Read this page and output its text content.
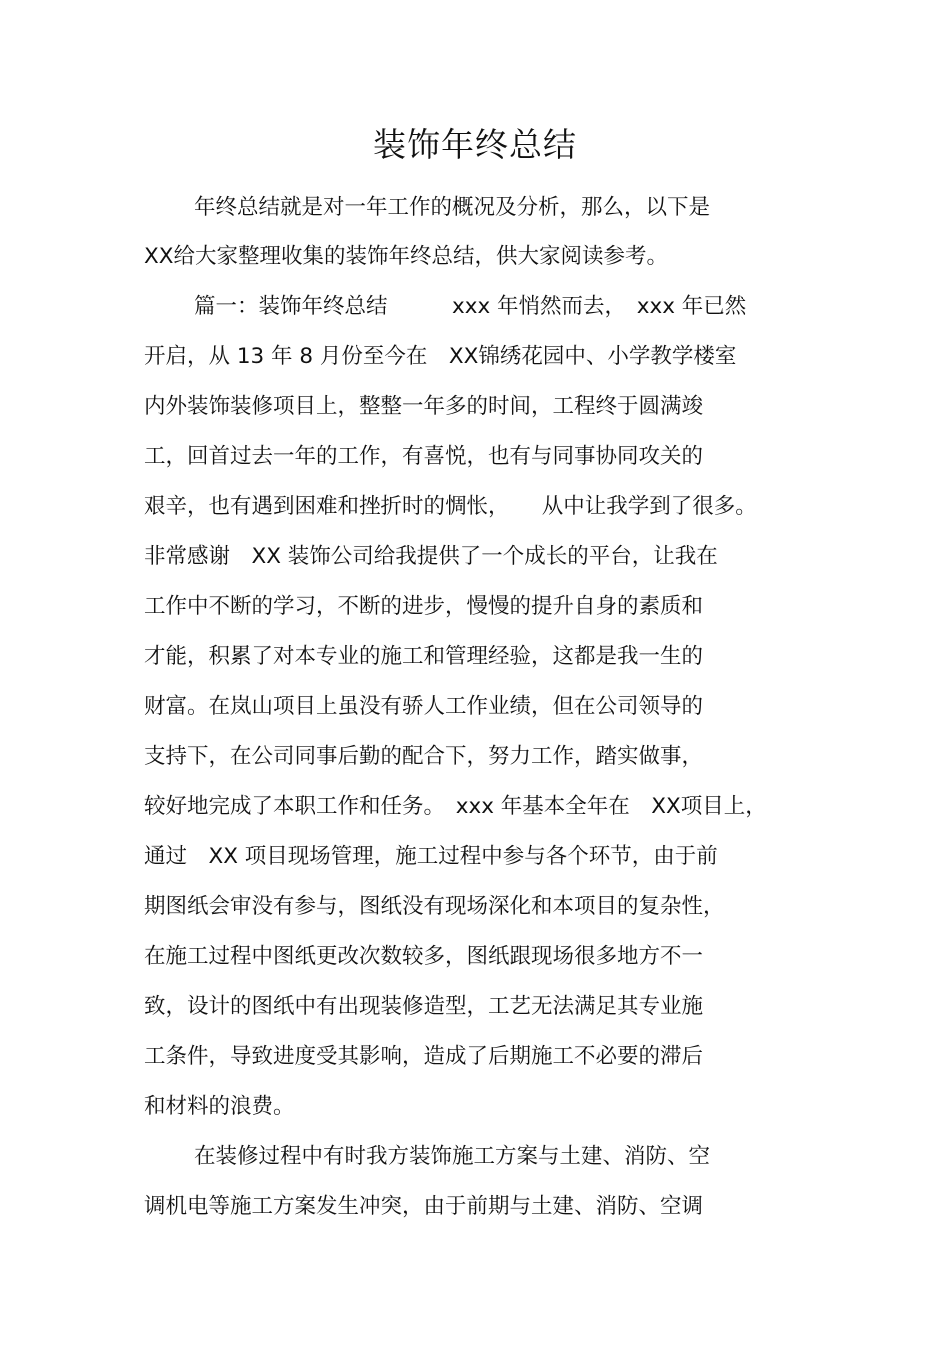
装饰年终总结

年终总结就是对一年工作的概况及分析，那么，以下是

XX给大家整理收集的装饰年终总结，供大家阅读参考。

篇一：装饰年终总结　　　xxx 年悄然而去，　xxx 年已然

开启，从 13 年 8 月份至今在　XX锦绣花园中、小学教学楼室

内外装饰装修项目上，整整一年多的时间，工程终于圆满竣

工，回首过去一年的工作，有喜悦，也有与同事协同攻关的

艰辛，也有遇到困难和挫折时的惆怅，　　从中让我学到了很多。

非常感谢　XX 装饰公司给我提供了一个成长的平台，让我在

工作中不断的学习，不断的进步，慢慢的提升自身的素质和

才能，积累了对本专业的施工和管理经验，这都是我一生的

财富。在岚山项目上虽没有骄人工作业绩，但在公司领导的

支持下，在公司同事后勤的配合下，努力工作，踏实做事，

较好地完成了本职工作和任务。　xxx 年基本全年在　XX项目上，

通过　XX 项目现场管理，施工过程中参与各个环节，由于前

期图纸会审没有参与，图纸没有现场深化和本项目的复杂性，

在施工过程中图纸更改次数较多，图纸跟现场很多地方不一

致，设计的图纸中有出现装修造型，工艺无法满足其专业施

工条件，导致进度受其影响，造成了后期施工不必要的滞后

和材料的浪费。

在装修过程中有时我方装饰施工方案与土建、消防、空

调机电等施工方案发生冲突，由于前期与土建、消防、空调
